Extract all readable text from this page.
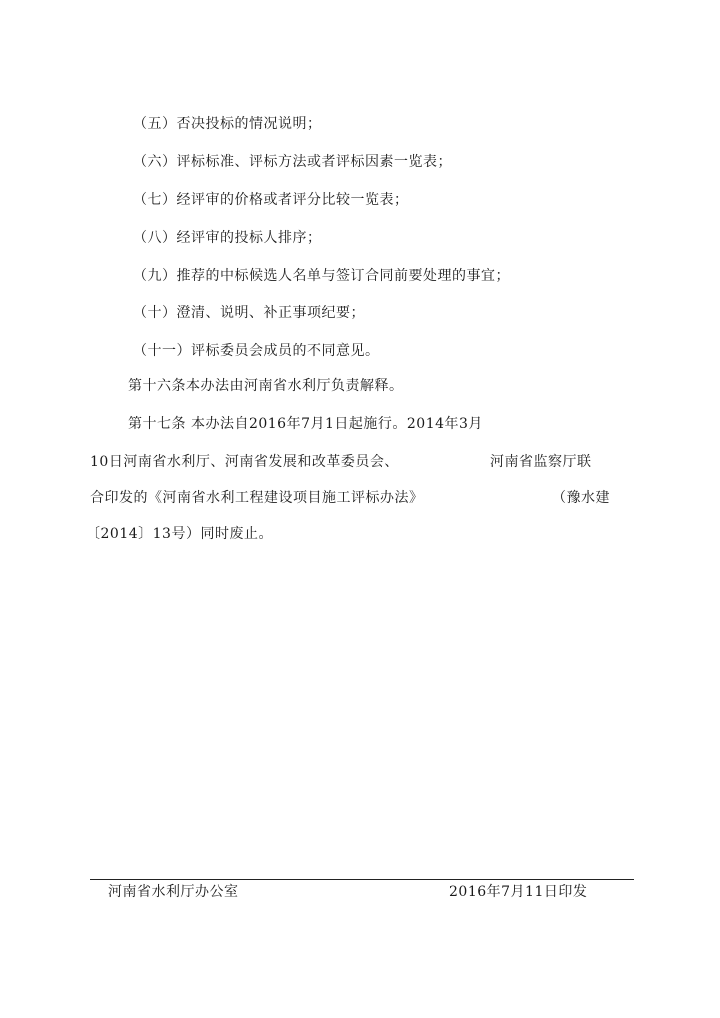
（五）否决投标的情况说明；
（六）评标标准、评标方法或者评标因素一览表；
（七）经评审的价格或者评分比较一览表；
（八）经评审的投标人排序；
（九）推荐的中标候选人名单与签订合同前要处理的事宜；
（十）澄清、说明、补正事项纪要；
（十一）评标委员会成员的不同意见。
第十六条本办法由河南省水利厅负责解释。
第十七条 本办法自2016年7月1日起施行。2014年3月
10日河南省水利厅、河南省发展和改革委员会、	河南省监察厅联
合印发的《河南省水利工程建设项目施工评标办法》	（豫水建
〔2014〕13号）同时废止。
河南省水利厅办公室	2016年7月11日印发
